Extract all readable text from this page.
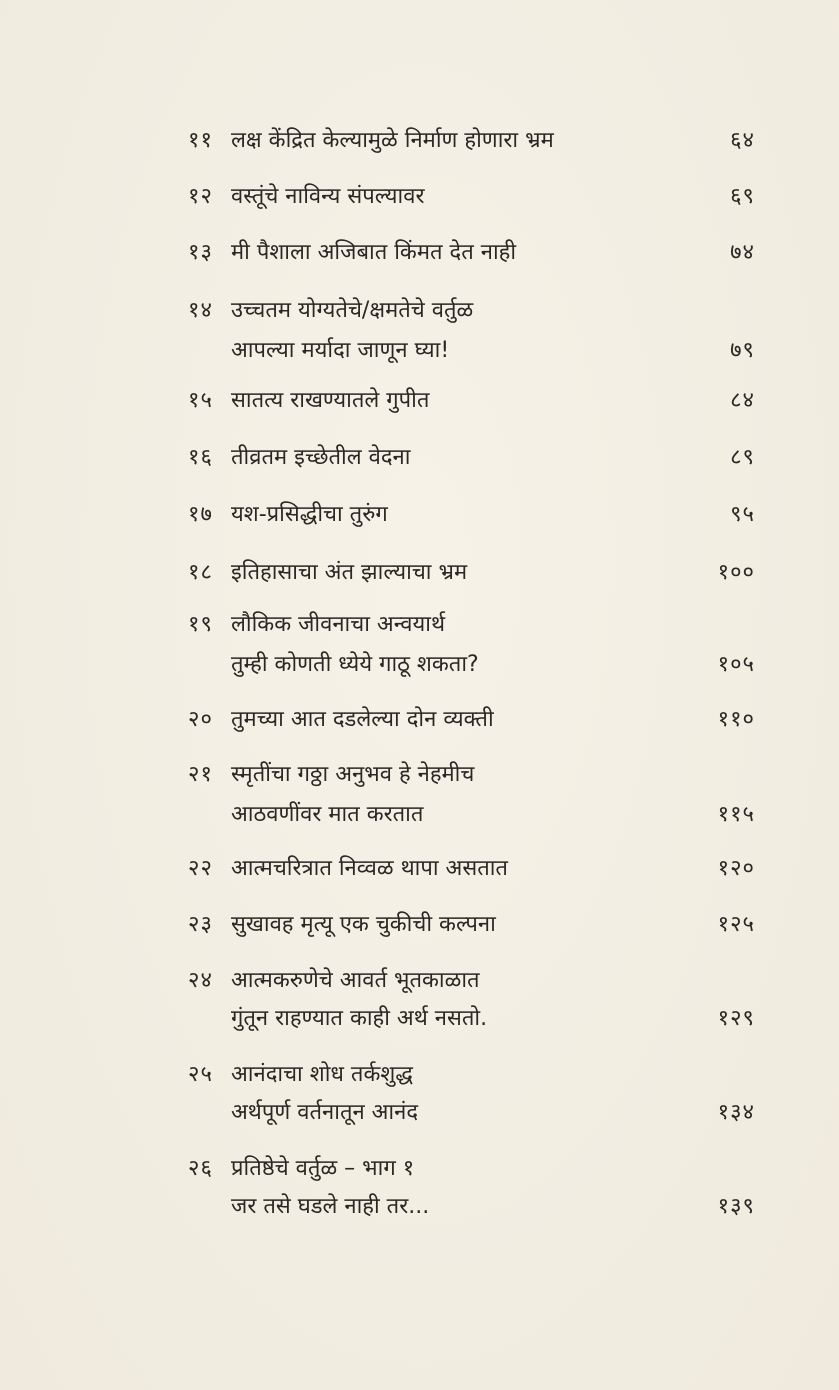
११ लक्ष केंद्रित केल्यामुळे निर्माण होणारा भ्रम	६४
१२ वस्तूंचे नाविन्य संपल्यावर	६९
१३ मी पैशाला अजिबात किंमत देत नाही	७४
१४ उच्चतम योग्यतेचे/क्षमतेचे वर्तुळ
आपल्या मर्यादा जाणून घ्या!	७९
१५ सातत्य राखण्यातले गुपीत	८४
१६ तीव्रतम इच्छेतील वेदना	८९
१७ यश-प्रसिद्धीचा तुरुंग	९५
१८ इतिहासाचा अंत झाल्याचा भ्रम	१००
१९ लौकिक जीवनाचा अन्वयार्थ
तुम्ही कोणती ध्येये गाठू शकता?	१०५
२० तुमच्या आत दडलेल्या दोन व्यक्ती	११०
२१ स्मृतींचा गठ्ठा अनुभव हे नेहमीच
आठवणींवर मात करतात	११५
२२ आत्मचरित्रात निव्वळ थापा असतात	१२०
२३ सुखावह मृत्यू एक चुकीची कल्पना	१२५
२४ आत्मकरुणेचे आवर्त भूतकाळात
गुंतून राहण्यात काही अर्थ नसतो.	१२९
२५ आनंदाचा शोध तर्कशुद्ध
अर्थपूर्ण वर्तनातून आनंद	१३४
२६ प्रतिष्ठेचे वर्तुळ – भाग १
जर तसे घडले नाही तर...	१३९
